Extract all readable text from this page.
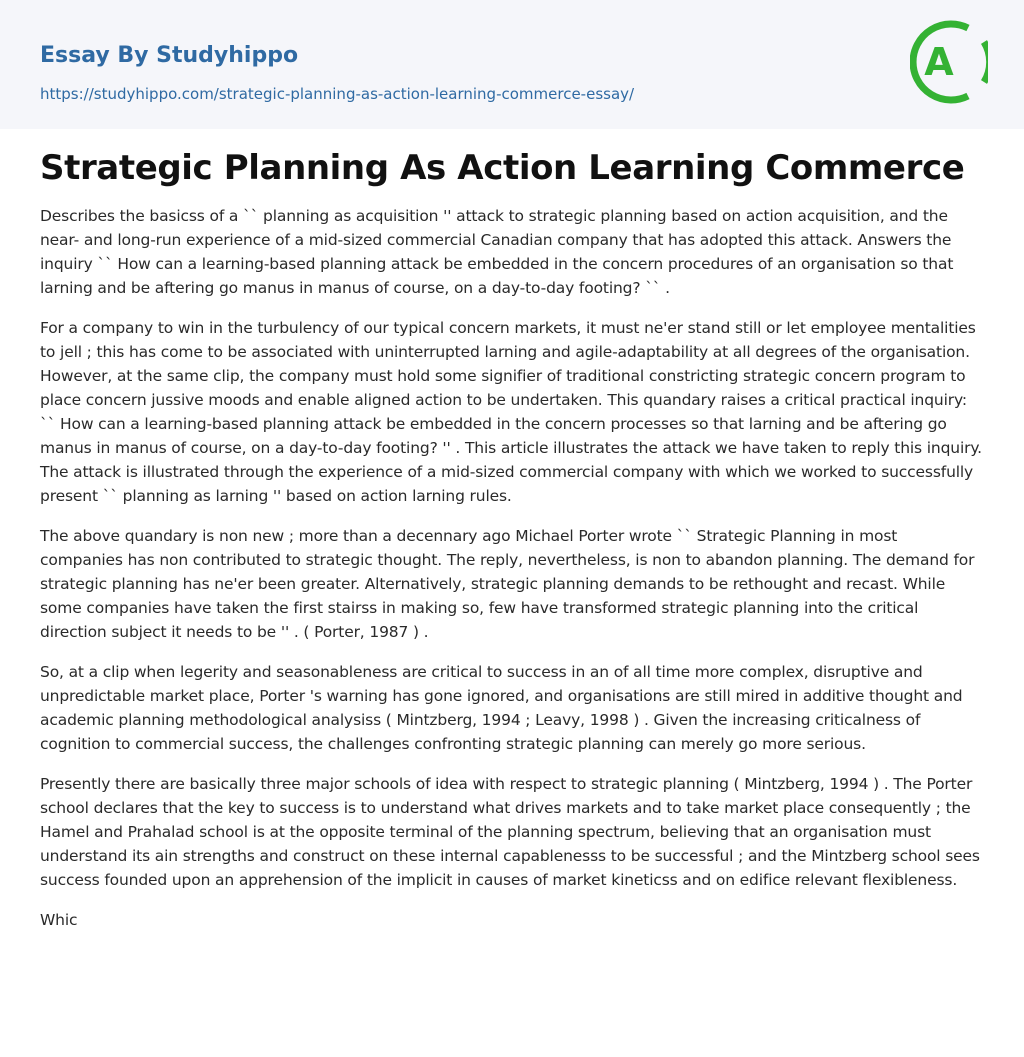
Essay By Studyhippo
https://studyhippo.com/strategic-planning-as-action-learning-commerce-essay/
A
Strategic Planning As Action Learning Commerce

Describes the basicss of a `` planning as acquisition '' attack to strategic planning based on action acquisition, and the near- and long-run experience of a mid-sized commercial Canadian company that has adopted this attack. Answers the inquiry `` How can a learning-based planning attack be embedded in the concern procedures of an organisation so that larning and be aftering go manus in manus of course, on a day-to-day footing? `` .

For a company to win in the turbulency of our typical concern markets, it must ne'er stand still or let employee mentalities to jell ; this has come to be associated with uninterrupted larning and agile-adaptability at all degrees of the organisation. However, at the same clip, the company must hold some signifier of traditional constricting strategic concern program to place concern jussive moods and enable aligned action to be undertaken. This quandary raises a critical practical inquiry: `` How can a learning-based planning attack be embedded in the concern processes so that larning and be aftering go manus in manus of course, on a day-to-day footing? '' . This article illustrates the attack we have taken to reply this inquiry. The attack is illustrated through the experience of a mid-sized commercial company with which we worked to successfully present `` planning as larning '' based on action larning rules.

The above quandary is non new ; more than a decennary ago Michael Porter wrote `` Strategic Planning in most companies has non contributed to strategic thought. The reply, nevertheless, is non to abandon planning. The demand for strategic planning has ne'er been greater. Alternatively, strategic planning demands to be rethought and recast. While some companies have taken the first stairss in making so, few have transformed strategic planning into the critical direction subject it needs to be '' . ( Porter, 1987 ) .

So, at a clip when legerity and seasonableness are critical to success in an of all time more complex, disruptive and unpredictable market place, Porter 's warning has gone ignored, and organisations are still mired in additive thought and academic planning methodological analysiss ( Mintzberg, 1994 ; Leavy, 1998 ) . Given the increasing criticalness of cognition to commercial success, the challenges confronting strategic planning can merely go more serious.

Presently there are basically three major schools of idea with respect to strategic planning ( Mintzberg, 1994 ) . The Porter school declares that the key to success is to understand what drives markets and to take market place consequently ; the Hamel and Prahalad school is at the opposite terminal of the planning spectrum, believing that an organisation must understand its ain strengths and construct on these internal capablenesss to be successful ; and the Mintzberg school sees success founded upon an apprehension of the implicit in causes of market kineticss and on edifice relevant flexibleness.

Whic
